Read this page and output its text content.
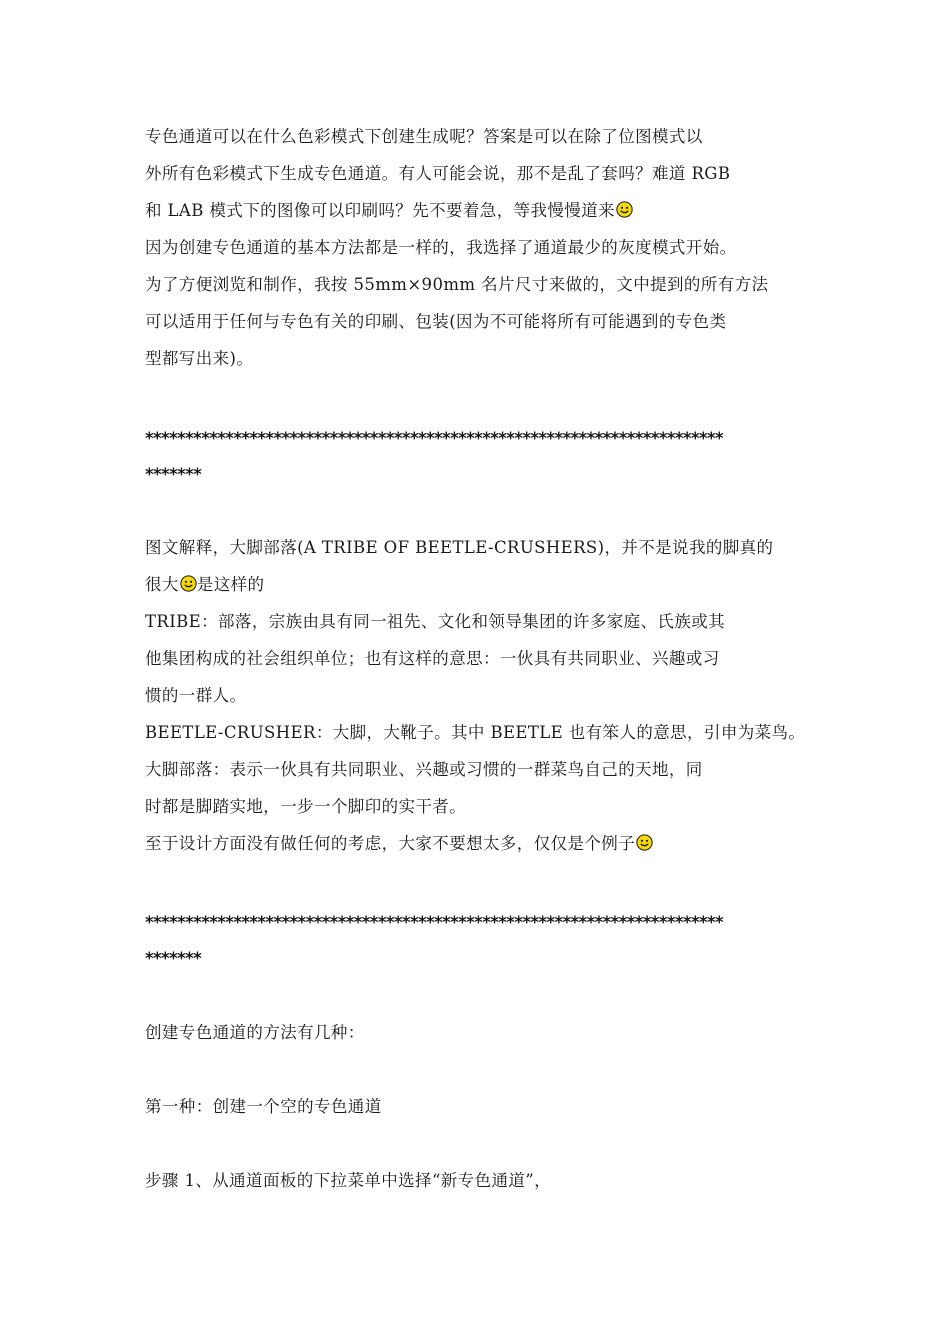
专色通道可以在什么色彩模式下创建生成呢？答案是可以在除了位图模式以
外所有色彩模式下生成专色通道。有人可能会说，那不是乱了套吗？难道 RGB
和 LAB 模式下的图像可以印刷吗？先不要着急，等我慢慢道来
因为创建专色通道的基本方法都是一样的，我选择了通道最少的灰度模式开始。
为了方便浏览和制作，我按 55mm×90mm 名片尺寸来做的，文中提到的所有方法
可以适用于任何与专色有关的印刷、包装(因为不可能将所有可能遇到的专色类
型都写出来)。
************************************************************************
*******
图文解释，大脚部落(A TRIBE OF BEETLE-CRUSHERS)，并不是说我的脚真的
很大 是这样的
TRIBE：部落，宗族由具有同一祖先、文化和领导集团的许多家庭、氏族或其
他集团构成的社会组织单位；也有这样的意思：一伙具有共同职业、兴趣或习
惯的一群人。
BEETLE-CRUSHER：大脚，大靴子。其中 BEETLE 也有笨人的意思，引申为菜鸟。
大脚部落：表示一伙具有共同职业、兴趣或习惯的一群菜鸟自己的天地，同
时都是脚踏实地，一步一个脚印的实干者。
至于设计方面没有做任何的考虑，大家不要想太多，仅仅是个例子
************************************************************************
*******
创建专色通道的方法有几种：
第一种：创建一个空的专色通道
步骤 1、从通道面板的下拉菜单中选择“新专色通道”，
